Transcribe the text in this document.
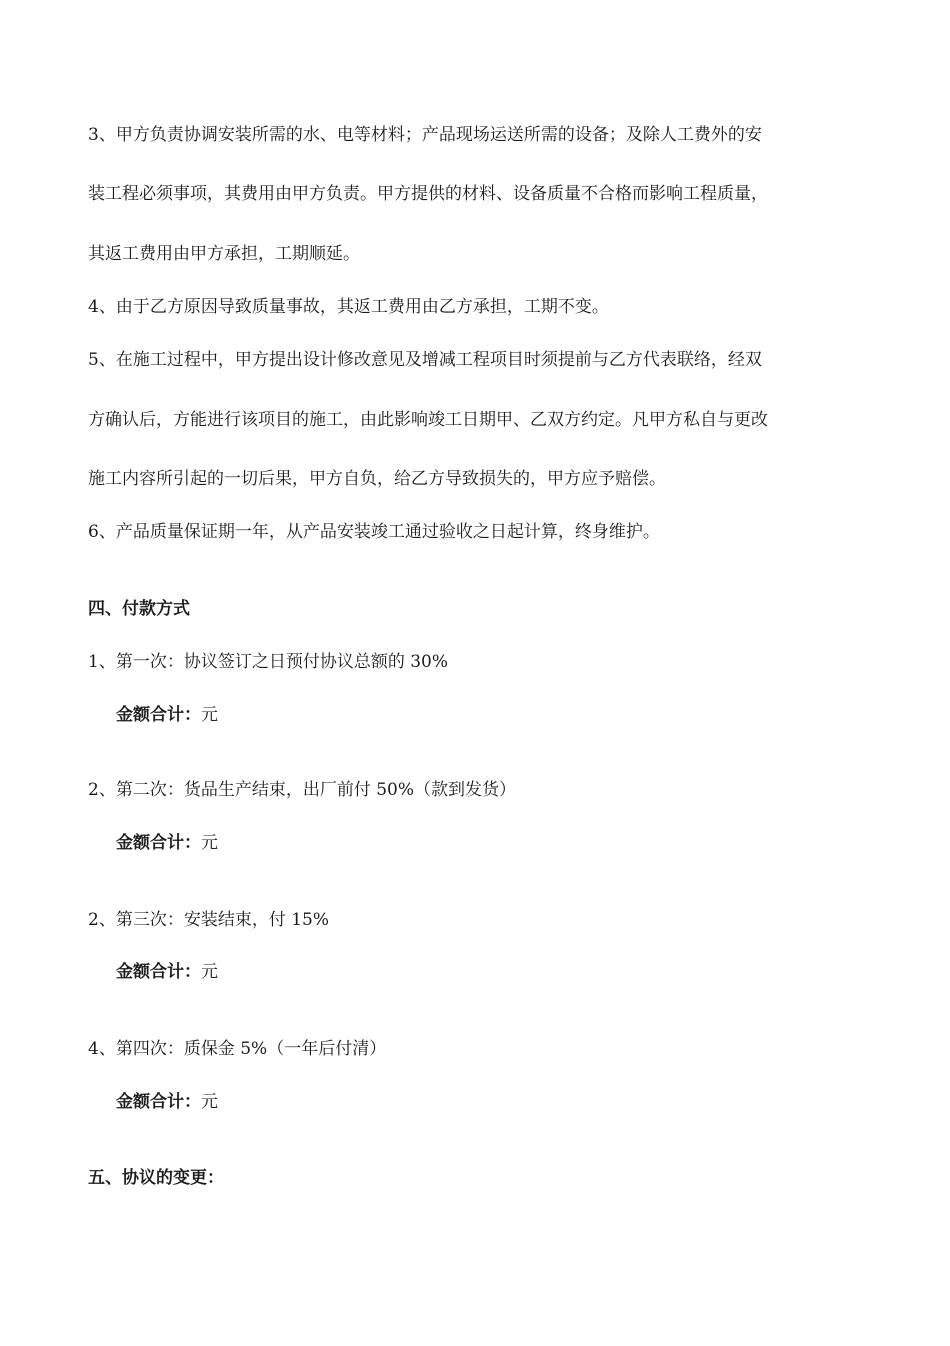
3、甲方负责协调安装所需的水、电等材料；产品现场运送所需的设备；及除人工费外的安
装工程必须事项，其费用由甲方负责。甲方提供的材料、设备质量不合格而影响工程质量，
其返工费用由甲方承担，工期顺延。
4、由于乙方原因导致质量事故，其返工费用由乙方承担，工期不变。
5、在施工过程中，甲方提出设计修改意见及增减工程项目时须提前与乙方代表联络，经双
方确认后，方能进行该项目的施工，由此影响竣工日期甲、乙双方约定。凡甲方私自与更改
施工内容所引起的一切后果，甲方自负，给乙方导致损失的，甲方应予赔偿。
6、产品质量保证期一年，从产品安装竣工通过验收之日起计算，终身维护。
四、付款方式
1、第一次：协议签订之日预付协议总额的 30%
金额合计：元
2、第二次：货品生产结束，出厂前付 50%（款到发货）
金额合计：元
2、第三次：安装结束，付 15%
金额合计：元
4、第四次：质保金 5%（一年后付清）
金额合计：元
五、协议的变更：
